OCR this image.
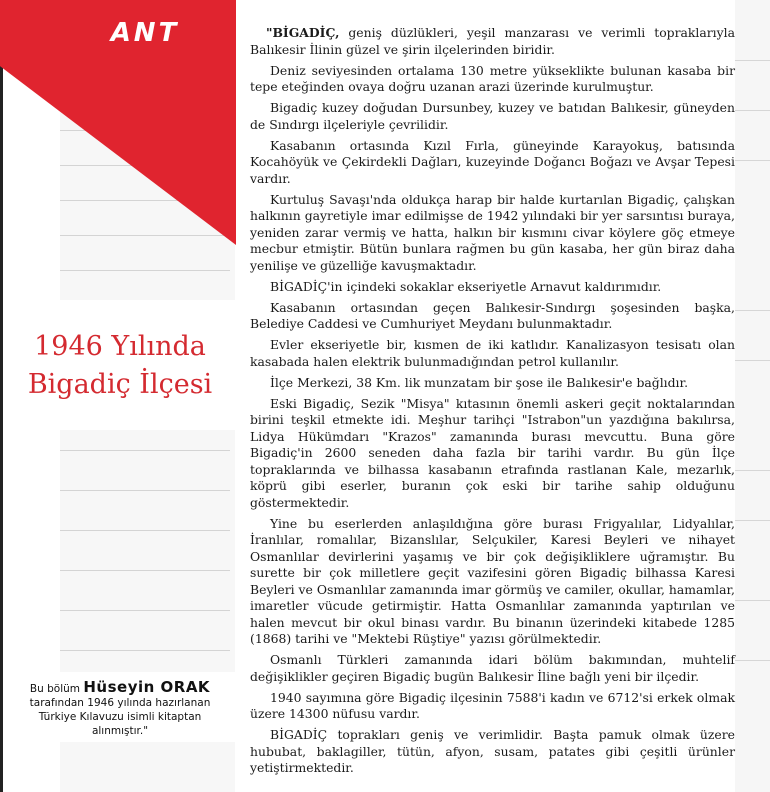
ANT
1946 Yılında
Bigadiç İlçesi
Bu bölüm Hüseyin ORAK
tarafından 1946 yılında hazırlanan
Türkiye Kılavuzu isimli kitaptan
alınmıştır."

"BİGADİÇ, geniş düzlükleri, yeşil manzarası ve verimli topraklarıyla Balıkesir İlinin güzel ve şirin ilçelerinden biridir.

Deniz seviyesinden ortalama 130 metre yükseklikte bulunan kasaba bir tepe eteğinden ovaya doğru uzanan arazi üzerinde kurulmuştur.

Bigadiç kuzey doğudan Dursunbey, kuzey ve batıdan Balıkesir, güneyden de Sındırgı ilçeleriyle çevrilidir.

Kasabanın ortasında Kızıl Fırla, güneyinde Karayokuş, batısında Kocahöyük ve Çekirdekli Dağları, kuzeyinde Doğancı Boğazı ve Avşar Tepesi vardır.

Kurtuluş Savaşı'nda oldukça harap bir halde kurtarılan Bigadiç, çalışkan halkının gayretiyle imar edilmişse de 1942 yılındaki bir yer sarsıntısı buraya, yeniden zarar vermiş ve hatta, halkın bir kısmını civar köylere göç etmeye mecbur etmiştir. Bütün bunlara rağmen bu gün kasaba, her gün biraz daha yenilişe ve güzelliğe kavuşmaktadır.

BİGADİÇ'in içindeki sokaklar ekseriyetle Arnavut kaldırımıdır.

Kasabanın ortasından geçen Balıkesir-Sındırgı şoşesinden başka, Belediye Caddesi ve Cumhuriyet Meydanı bulunmaktadır.

Evler ekseriyetle bir, kısmen de iki katlıdır. Kanalizasyon tesisatı olan kasabada halen elektrik bulunmadığından petrol kullanılır.

İlçe Merkezi, 38 Km. lik munzatam bir şose ile Balıkesir'e bağlıdır.

Eski Bigadiç, Sezik "Misya" kıtasının önemli askeri geçit noktalarından birini teşkil etmekte idi. Meşhur tarihçi "Istrabon"un yazdığına bakılırsa, Lidya Hükümdarı "Krazos" zamanında burası mevcuttu. Buna göre Bigadiç'in 2600 seneden daha fazla bir tarihi vardır. Bu gün İlçe topraklarında ve bilhassa kasabanın etrafında rastlanan Kale, mezarlık, köprü gibi eserler, buranın çok eski bir tarihe sahip olduğunu göstermektedir.

Yine bu eserlerden anlaşıldığına göre burası Frigyalılar, Lidyalılar, İranlılar, romalılar, Bizanslılar, Selçukiler, Karesi Beyleri ve nihayet Osmanlılar devirlerini yaşamış ve bir çok değişikliklere uğramıştır. Bu surette bir çok milletlere geçit vazifesini gören Bigadiç bilhassa Karesi Beyleri ve Osmanlılar zamanında imar görmüş ve camiler, okullar, hamamlar, imaretler vücude getirmiştir. Hatta Osmanlılar zamanında yaptırılan ve halen mevcut bir okul binası vardır. Bu binanın üzerindeki kitabede 1285 (1868) tarihi ve "Mektebi Rüştiye" yazısı görülmektedir.

Osmanlı Türkleri zamanında idari bölüm bakımından, muhtelif değişiklikler geçiren Bigadiç bugün Balıkesir İline bağlı yeni bir ilçedir.

1940 sayımına göre Bigadiç ilçesinin 7588'i kadın ve 6712'si erkek olmak üzere 14300 nüfusu vardır.

BİGADİÇ toprakları geniş ve verimlidir. Başta pamuk olmak üzere hububat, baklagiller, tütün, afyon, susam, patates gibi çeşitli ürünler yetiştirmektedir.
